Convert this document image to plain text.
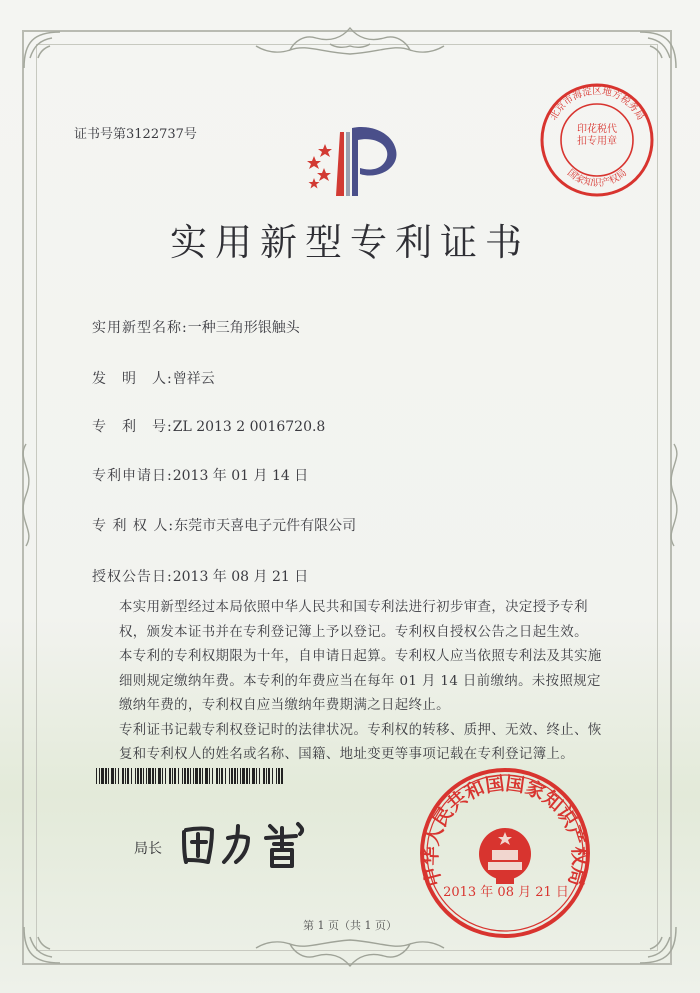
证书号第3122737号
北京市海淀区地方税务局
国家知识产权局
印花税代扣专用章
实用新型专利证书
实用新型名称:一种三角形银触头
发　明　人:曾祥云
专　利　号:ZL 2013 2 0016720.8
专利申请日:2013 年 01 月 14 日
专 利 权 人:东莞市天喜电子元件有限公司
授权公告日:2013 年 08 月 21 日

本实用新型经过本局依照中华人民共和国专利法进行初步审查，决定授予专利权，颁发本证书并在专利登记簿上予以登记。专利权自授权公告之日起生效。

本专利的专利权期限为十年，自申请日起算。专利权人应当依照专利法及其实施细则规定缴纳年费。本专利的年费应当在每年 01 月 14 日前缴纳。未按照规定缴纳年费的，专利权自应当缴纳年费期满之日起终止。

专利证书记载专利权登记时的法律状况。专利权的转移、质押、无效、终止、恢复和专利权人的姓名或名称、国籍、地址变更等事项记载在专利登记簿上。

局长
中华人民共和国国家知识产权局
2013 年 08 月 21 日
第 1 页（共 1 页）
